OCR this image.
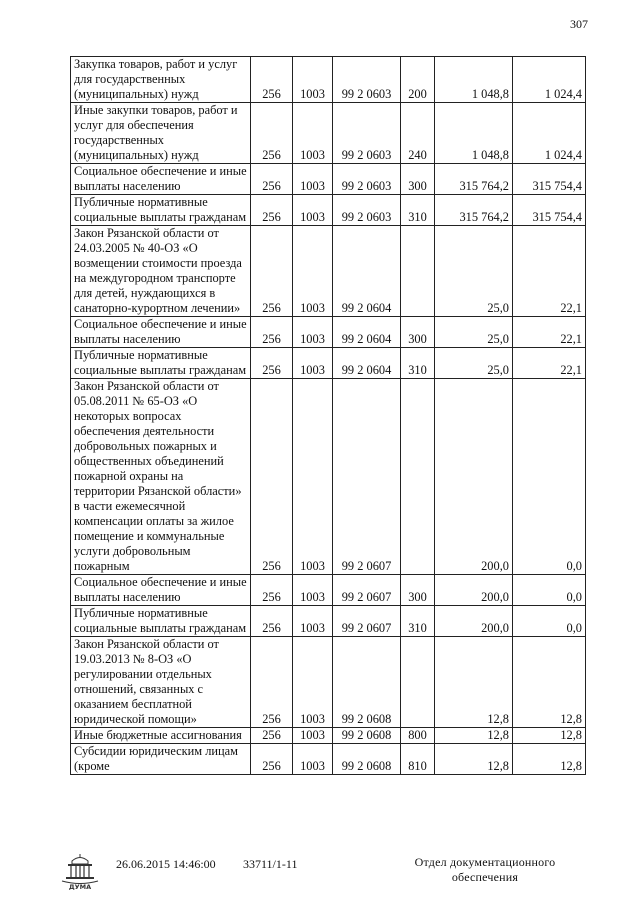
307
Закупка товаров, работ и услуг для государственных (муниципальных) нужд	256	1003	99 2 0603	200	1 048,8	1 024,4
Иные закупки товаров, работ и услуг для обеспечения государственных (муниципальных) нужд	256	1003	99 2 0603	240	1 048,8	1 024,4
Социальное обеспечение и иные выплаты населению	256	1003	99 2 0603	300	315 764,2	315 754,4
Публичные нормативные социальные выплаты гражданам	256	1003	99 2 0603	310	315 764,2	315 754,4
Закон Рязанской области от 24.03.2005 № 40-ОЗ «О возмещении стоимости проезда на междугородном транспорте для детей, нуждающихся в санаторно-курортном лечении»	256	1003	99 2 0604		25,0	22,1
Социальное обеспечение и иные выплаты населению	256	1003	99 2 0604	300	25,0	22,1
Публичные нормативные социальные выплаты гражданам	256	1003	99 2 0604	310	25,0	22,1
Закон Рязанской области от 05.08.2011 № 65-ОЗ «О некоторых вопросах обеспечения деятельности добровольных пожарных и общественных объединений пожарной охраны на территории Рязанской области» в части ежемесячной компенсации оплаты за жилое помещение и коммунальные услуги добровольным пожарным	256	1003	99 2 0607		200,0	0,0
Социальное обеспечение и иные выплаты населению	256	1003	99 2 0607	300	200,0	0,0
Публичные нормативные социальные выплаты гражданам	256	1003	99 2 0607	310	200,0	0,0
Закон Рязанской области от 19.03.2013 № 8-ОЗ «О регулировании отдельных отношений, связанных с оказанием бесплатной юридической помощи»	256	1003	99 2 0608		12,8	12,8
Иные бюджетные ассигнования	256	1003	99 2 0608	800	12,8	12,8
Субсидии юридическим лицам (кроме	256	1003	99 2 0608	810	12,8	12,8
ДУМА
26.06.2015 14:46:00 33711/1-11	Отдел документационного обеспечения
